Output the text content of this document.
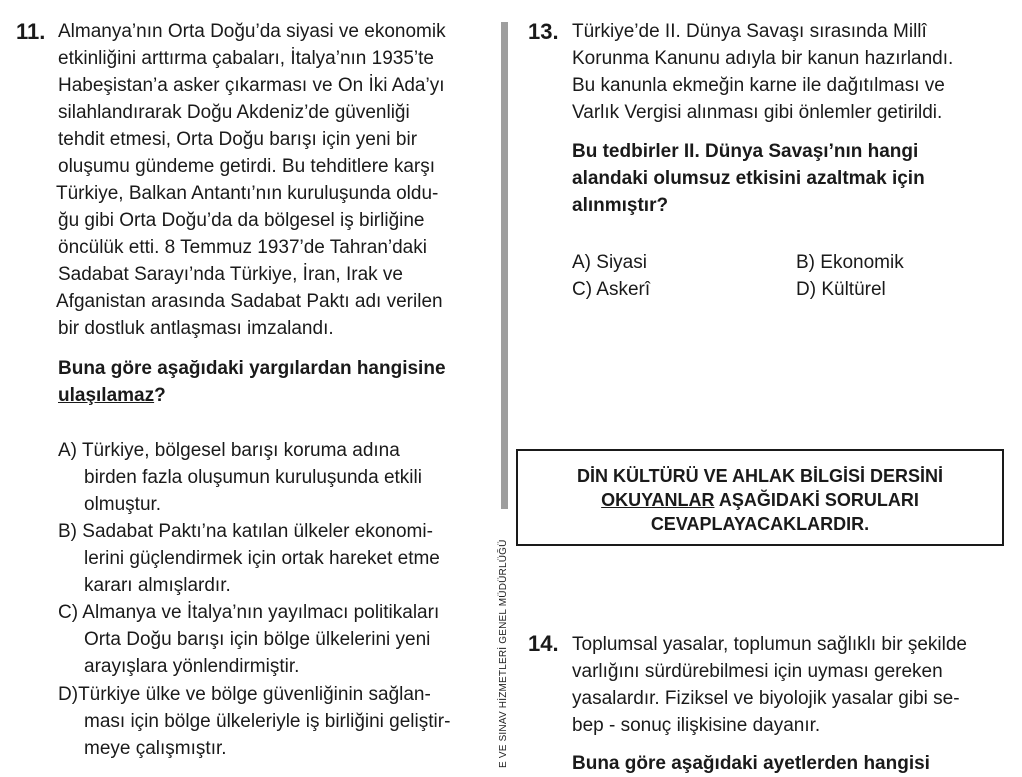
11. Almanya’nın Orta Doğu’da siyasi ve ekonomik
etkinliğini arttırma çabaları, İtalya’nın 1935’te
Habeşistan’a asker çıkarması ve On İki Ada’yı
silahlandırarak Doğu Akdeniz’de güvenliği
tehdit etmesi, Orta Doğu barışı için yeni bir
oluşumu gündeme getirdi. Bu tehditlere karşı
Türkiye, Balkan Antantı’nın kuruluşunda oldu-
ğu gibi Orta Doğu’da da bölgesel iş birliğine
öncülük etti. 8 Temmuz 1937’de Tahran’daki
Sadabat Sarayı’nda Türkiye, İran, Irak ve
Afganistan arasında Sadabat Paktı adı verilen
bir dostluk antlaşması imzalandı.
Buna göre aşağıdaki yargılardan hangisine
ulaşılamaz?
A) Türkiye, bölgesel barışı koruma adına
birden fazla oluşumun kuruluşunda etkili
olmuştur.
B) Sadabat Paktı’na katılan ülkeler ekonomi-
lerini güçlendirmek için ortak hareket etme
kararı almışlardır.
C) Almanya ve İtalya’nın yayılmacı politikaları
Orta Doğu barışı için bölge ülkelerini yeni
arayışlara yönlendirmiştir.
D)Türkiye ülke ve bölge güvenliğinin sağlan-
ması için bölge ülkeleriyle iş birliğini geliştir-
meye çalışmıştır.	E VE SINAV HİZMETLERİ GENEL MÜDÜRLÜĞÜ
13. Türkiye’de II. Dünya Savaşı sırasında Millî
Korunma Kanunu adıyla bir kanun hazırlandı.
Bu kanunla ekmeğin karne ile dağıtılması ve
Varlık Vergisi alınması gibi önlemler getirildi.
Bu tedbirler II. Dünya Savaşı’nın hangi
alandaki olumsuz etkisini azaltmak için
alınmıştır?
A) Siyasi	B) Ekonomik
C) Askerî	D) Kültürel
DİN KÜLTÜRÜ VE AHLAK BİLGİSİ DERSİNİ
OKUYANLAR AŞAĞIDAKİ SORULARI
CEVAPLAYACAKLARDIR.
14. Toplumsal yasalar, toplumun sağlıklı bir şekilde
varlığını sürdürebilmesi için uyması gereken
yasalardır. Fiziksel ve biyolojik yasalar gibi se-
bep - sonuç ilişkisine dayanır.
Buna göre aşağıdaki ayetlerden hangisi
